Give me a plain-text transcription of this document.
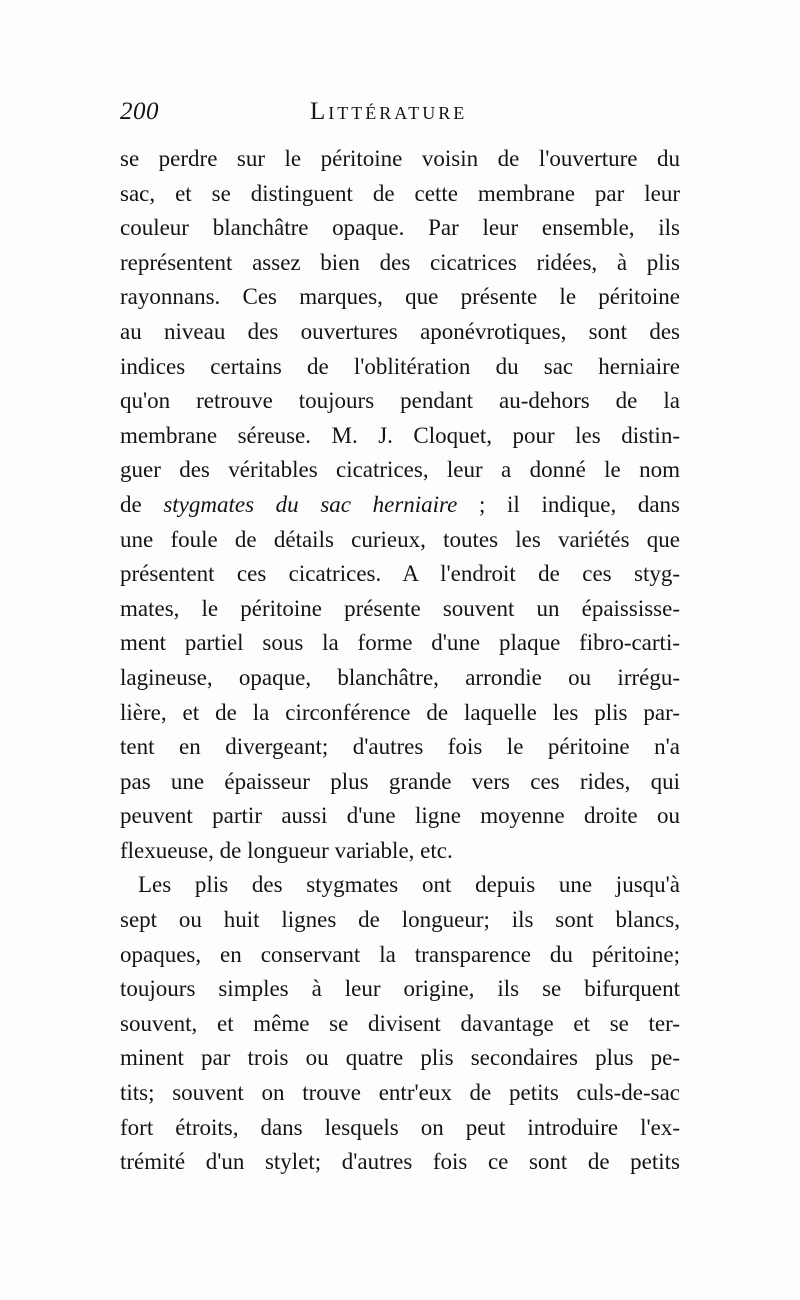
200	Littérature
se perdre sur le péritoine voisin de l'ouverture du
sac, et se distinguent de cette membrane par leur
couleur blanchâtre opaque. Par leur ensemble, ils
représentent assez bien des cicatrices ridées, à plis
rayonnans. Ces marques, que présente le péritoine
au niveau des ouvertures aponévrotiques, sont des
indices certains de l'oblitération du sac herniaire
qu'on retrouve toujours pendant au-dehors de la
membrane séreuse. M. J. Cloquet, pour les distin-
guer des véritables cicatrices, leur a donné le nom
de stygmates du sac herniaire ; il indique, dans
une foule de détails curieux, toutes les variétés que
présentent ces cicatrices. A l'endroit de ces styg-
mates, le péritoine présente souvent un épaississe-
ment partiel sous la forme d'une plaque fibro-carti-
lagineuse, opaque, blanchâtre, arrondie ou irrégu-
lière, et de la circonférence de laquelle les plis par-
tent en divergeant; d'autres fois le péritoine n'a
pas une épaisseur plus grande vers ces rides, qui
peuvent partir aussi d'une ligne moyenne droite ou
flexueuse, de longueur variable, etc.
Les plis des stygmates ont depuis une jusqu'à
sept ou huit lignes de longueur; ils sont blancs,
opaques, en conservant la transparence du péritoine;
toujours simples à leur origine, ils se bifurquent
souvent, et même se divisent davantage et se ter-
minent par trois ou quatre plis secondaires plus pe-
tits; souvent on trouve entr'eux de petits culs-de-sac
fort étroits, dans lesquels on peut introduire l'ex-
trémité d'un stylet; d'autres fois ce sont de petits
